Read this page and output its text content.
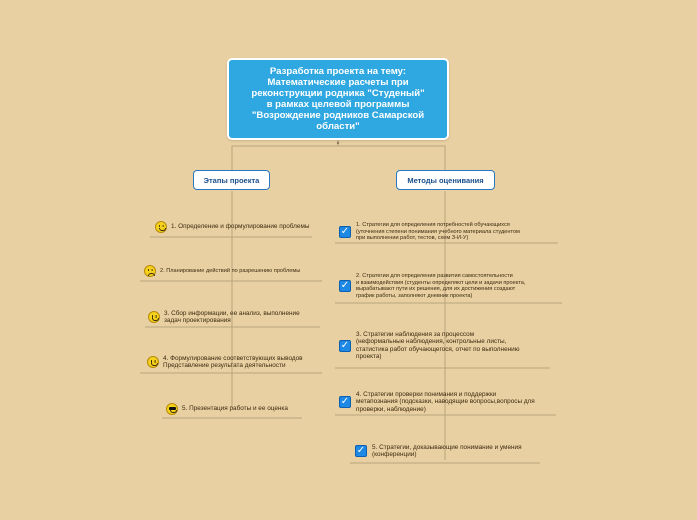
Разработка проекта на тему:
Математические расчеты при
реконструкции родника "Студеный"
в рамках целевой программы
"Возрождение родников Самарской
области"
Этапы проекта	Методы оценивания
1. Определение и формулирование проблемы
2. Планирование действий по разрешению проблемы
3. Сбор информации, ее анализ, выполнение
задач проектирования
4. Формулирование соответствующих выводов
Представление результата деятельности
5. Презентация работы и ее оценка
✓
1. Стратегии для определения потребностей обучающихся
(уточнения степени понимания учебного материала студентом
при выполнении работ, тестов, схем З-И-У)
✓
2. Стратегии для определения развития самостоятельности
и взаимодействия (студенты определяют цели и задачи проекта,
вырабатывают пути их решения, для их достижения создают
график работы, заполняют дневник проекта)
✓
3. Стратегии наблюдения за процессом
(неформальные наблюдения, контрольные листы,
статистика работ обучающегося, отчет по выполнению
проекта)
✓
4. Стратегии проверки понимания и поддержки
метапознания (подсказки, наводящие вопросы,вопросы для
проверки, наблюдение)
✓ 5. Стратегии, доказывающие понимание и умения
(конференции)
